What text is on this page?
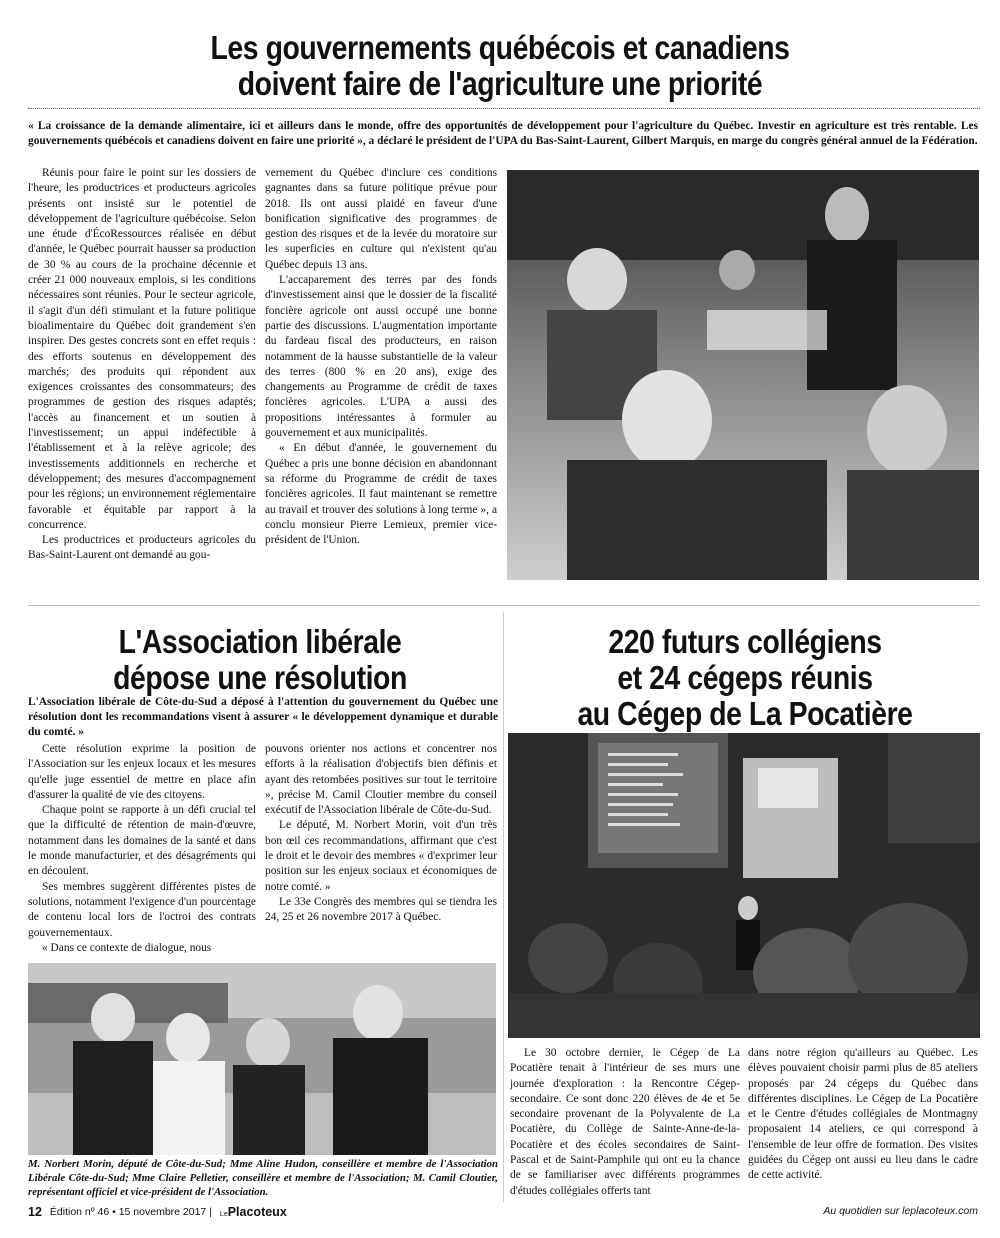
Les gouvernements québécois et canadiens
doivent faire de l'agriculture une priorité
« La croissance de la demande alimentaire, ici et ailleurs dans le monde, offre des opportunités de développement pour l'agriculture du Québec. Investir en agriculture est très rentable. Les gouvernements québécois et canadiens doivent en faire une priorité », a déclaré le président de l'UPA du Bas-Saint-Laurent, Gilbert Marquis, en marge du congrès général annuel de la Fédération.

Réunis pour faire le point sur les dossiers de l'heure, les productrices et producteurs agricoles présents ont insisté sur le potentiel de développement de l'agriculture québécoise. Selon une étude d'ÉcoRessources réalisée en début d'année, le Québec pourrait hausser sa production de 30 % au cours de la prochaine décennie et créer 21 000 nouveaux emplois, si les conditions nécessaires sont réunies. Pour le secteur agricole, il s'agit d'un défi stimulant et la future politique bioalimentaire du Québec doit grandement s'en inspirer. Des gestes concrets sont en effet requis : des efforts soutenus en développement des marchés; des produits qui répondent aux exigences croissantes des consommateurs; des programmes de gestion des risques adaptés; l'accès au financement et un soutien à l'investissement; un appui indéfectible à l'établissement et à la relève agricole; des investissements additionnels en recherche et développement; des mesures d'accompagnement pour les régions; un environnement réglementaire favorable et équitable par rapport à la concurrence.

Les productrices et producteurs agricoles du Bas-Saint-Laurent ont demandé au gou-

vernement du Québec d'inclure ces conditions gagnantes dans sa future politique prévue pour 2018. Ils ont aussi plaidé en faveur d'une bonification significative des programmes de gestion des risques et de la levée du moratoire sur les superficies en culture qui n'existent qu'au Québec depuis 13 ans.

L'accaparement des terres par des fonds d'investissement ainsi que le dossier de la fiscalité foncière agricole ont aussi occupé une bonne partie des discussions. L'augmentation importante du fardeau fiscal des producteurs, en raison notamment de la hausse substantielle de la valeur des terres (800 % en 20 ans), exige des changements au Programme de crédit de taxes foncières agricoles. L'UPA a aussi des propositions intéressantes à formuler au gouvernement et aux municipalités.

« En début d'année, le gouvernement du Québec a pris une bonne décision en abandonnant sa réforme du Programme de crédit de taxes foncières agricoles. Il faut maintenant se remettre au travail et trouver des solutions à long terme », a conclu monsieur Pierre Lemieux, premier vice-président de l'Union.

L'Association libérale
dépose une résolution
L'Association libérale de Côte-du-Sud a déposé à l'attention du gouvernement du Québec une résolution dont les recommandations visent à assurer « le développement dynamique et durable du comté. »

Cette résolution exprime la position de l'Association sur les enjeux locaux et les mesures qu'elle juge essentiel de mettre en place afin d'assurer la qualité de vie des citoyens.

Chaque point se rapporte à un défi crucial tel que la difficulté de rétention de main-d'œuvre, notamment dans les domaines de la santé et dans le monde manufacturier, et des désagréments qui en découlent.

Ses membres suggèrent différentes pistes de solutions, notamment l'exigence d'un pourcentage de contenu local lors de l'octroi des contrats gouvernementaux.

« Dans ce contexte de dialogue, nous

pouvons orienter nos actions et concentrer nos efforts à la réalisation d'objectifs bien définis et ayant des retombées positives sur tout le territoire », précise M. Camil Cloutier membre du conseil exécutif de l'Association libérale de Côte-du-Sud.

Le député, M. Norbert Morin, voit d'un très bon œil ces recommandations, affirmant que c'est le droit et le devoir des membres « d'exprimer leur position sur les enjeux sociaux et économiques de notre comté. »

Le 33e Congrès des membres qui se tiendra les 24, 25 et 26 novembre 2017 à Québec.

M. Norbert Morin, député de Côte-du-Sud; Mme Aline Hudon, conseillère et membre de l'Association Libérale Côte-du-Sud; Mme Claire Pelletier, conseillère et membre de l'Association; M. Camil Cloutier, représentant officiel et vice-président de l'Association.
220 futurs collégiens
et 24 cégeps réunis
au Cégep de La Pocatière

Le 30 octobre dernier, le Cégep de La Pocatière tenait à l'intérieur de ses murs une journée d'exploration : la Rencontre Cégep-secondaire. Ce sont donc 220 élèves de 4e et 5e secondaire provenant de la Polyvalente de La Pocatière, du Collège de Sainte-Anne-de-la-Pocatière et des écoles secondaires de Saint-Pascal et de Saint-Pamphile qui ont eu la chance de se familiariser avec différents programmes d'études collégiales offerts tant

dans notre région qu'ailleurs au Québec. Les élèves pouvaient choisir parmi plus de 85 ateliers proposés par 24 cégeps du Québec dans différentes disciplines. Le Cégep de La Pocatière et le Centre d'études collégiales de Montmagny proposaient 14 ateliers, ce qui correspond à l'ensemble de leur offre de formation. Des visites guidées du Cégep ont aussi eu lieu dans le cadre de cette activité.

12 Édition nº 46 • 15 novembre 2017 | LePlacoteux	Au quotidien sur leplacoteux.com
